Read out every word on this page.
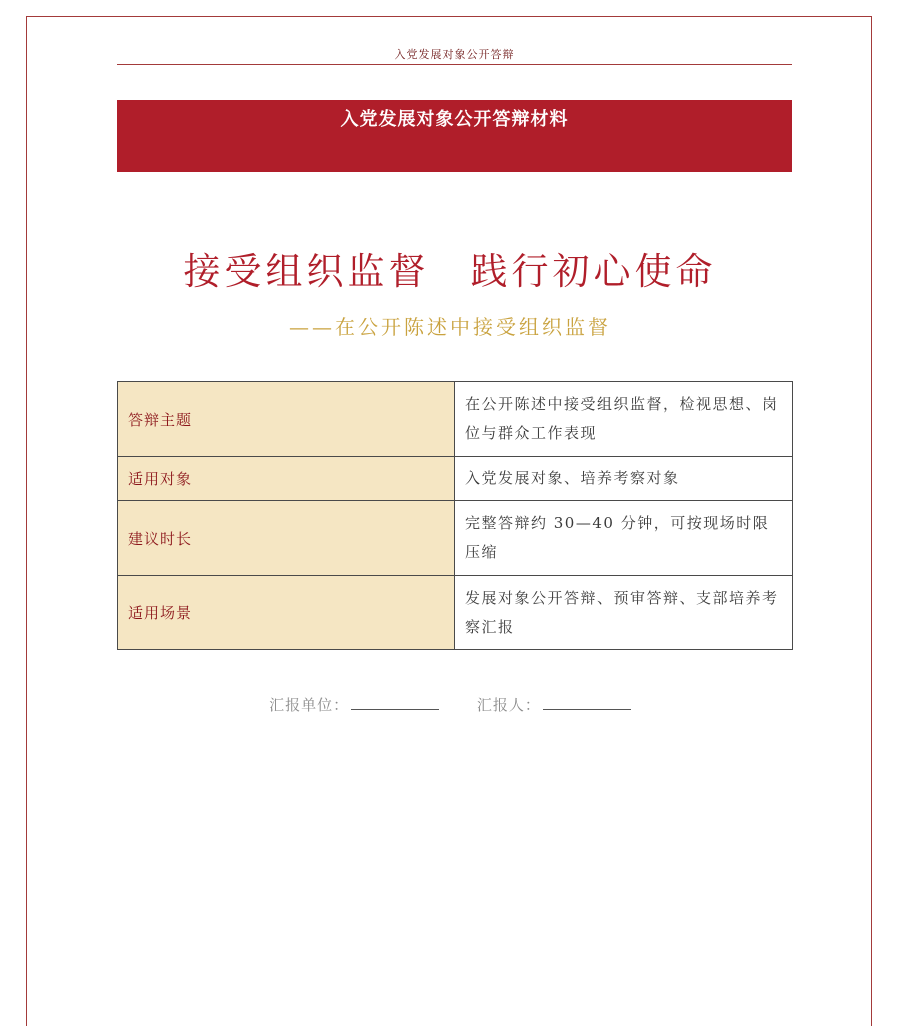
入党发展对象公开答辩
入党发展对象公开答辩材料
接受组织监督　践行初心使命
——在公开陈述中接受组织监督
答辩主题	在公开陈述中接受组织监督，检视思想、岗位与群众工作表现
适用对象	入党发展对象、培养考察对象
建议时长	完整答辩约 30—40 分钟，可按现场时限压缩
适用场景	发展对象公开答辩、预审答辩、支部培养考察汇报
汇报单位：	汇报人：
